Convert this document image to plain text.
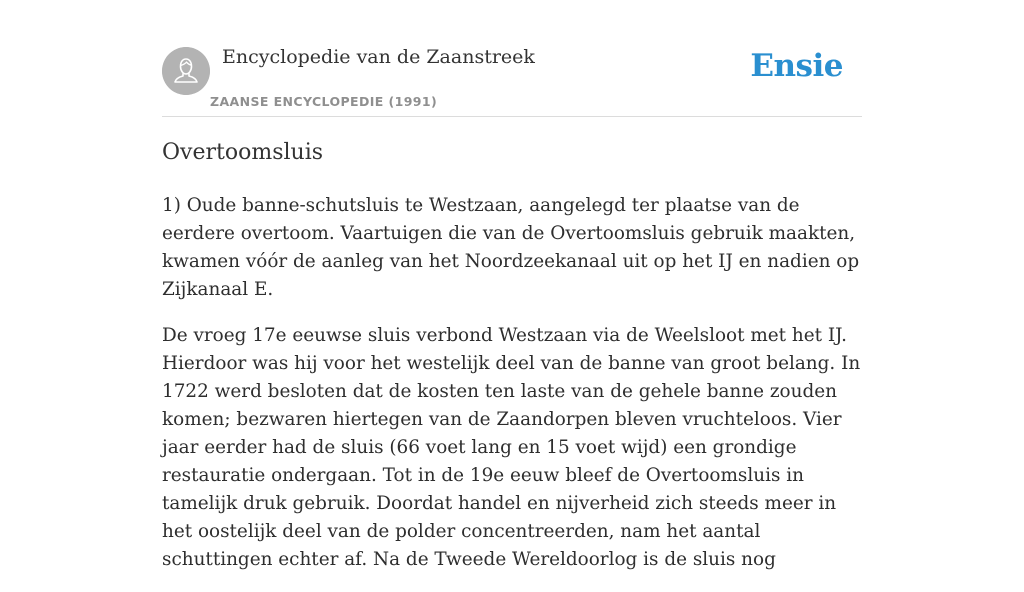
Encyclopedie van de Zaanstreek
ZAANSE ENCYCLOPEDIE (1991)
Ensie
Overtoomsluis

1) Oude banne-schutsluis te Westzaan, aangelegd ter plaatse van de eerdere overtoom. Vaartuigen die van de Overtoomsluis gebruik maakten, kwamen vóór de aanleg van het Noordzeekanaal uit op het IJ en nadien op Zijkanaal E.

De vroeg 17e eeuwse sluis verbond Westzaan via de Weelsloot met het IJ. Hierdoor was hij voor het westelijk deel van de banne van groot belang. In 1722 werd besloten dat de kosten ten laste van de gehele banne zouden komen; bezwaren hiertegen van de Zaandorpen bleven vruchteloos. Vier jaar eerder had de sluis (66 voet lang en 15 voet wijd) een grondige restauratie ondergaan. Tot in de 19e eeuw bleef de Overtoomsluis in tamelijk druk gebruik. Doordat handel en nijverheid zich steeds meer in het oostelijk deel van de polder concentreerden, nam het aantal schuttingen echter af. Na de Tweede Wereldoorlog is de sluis nog
